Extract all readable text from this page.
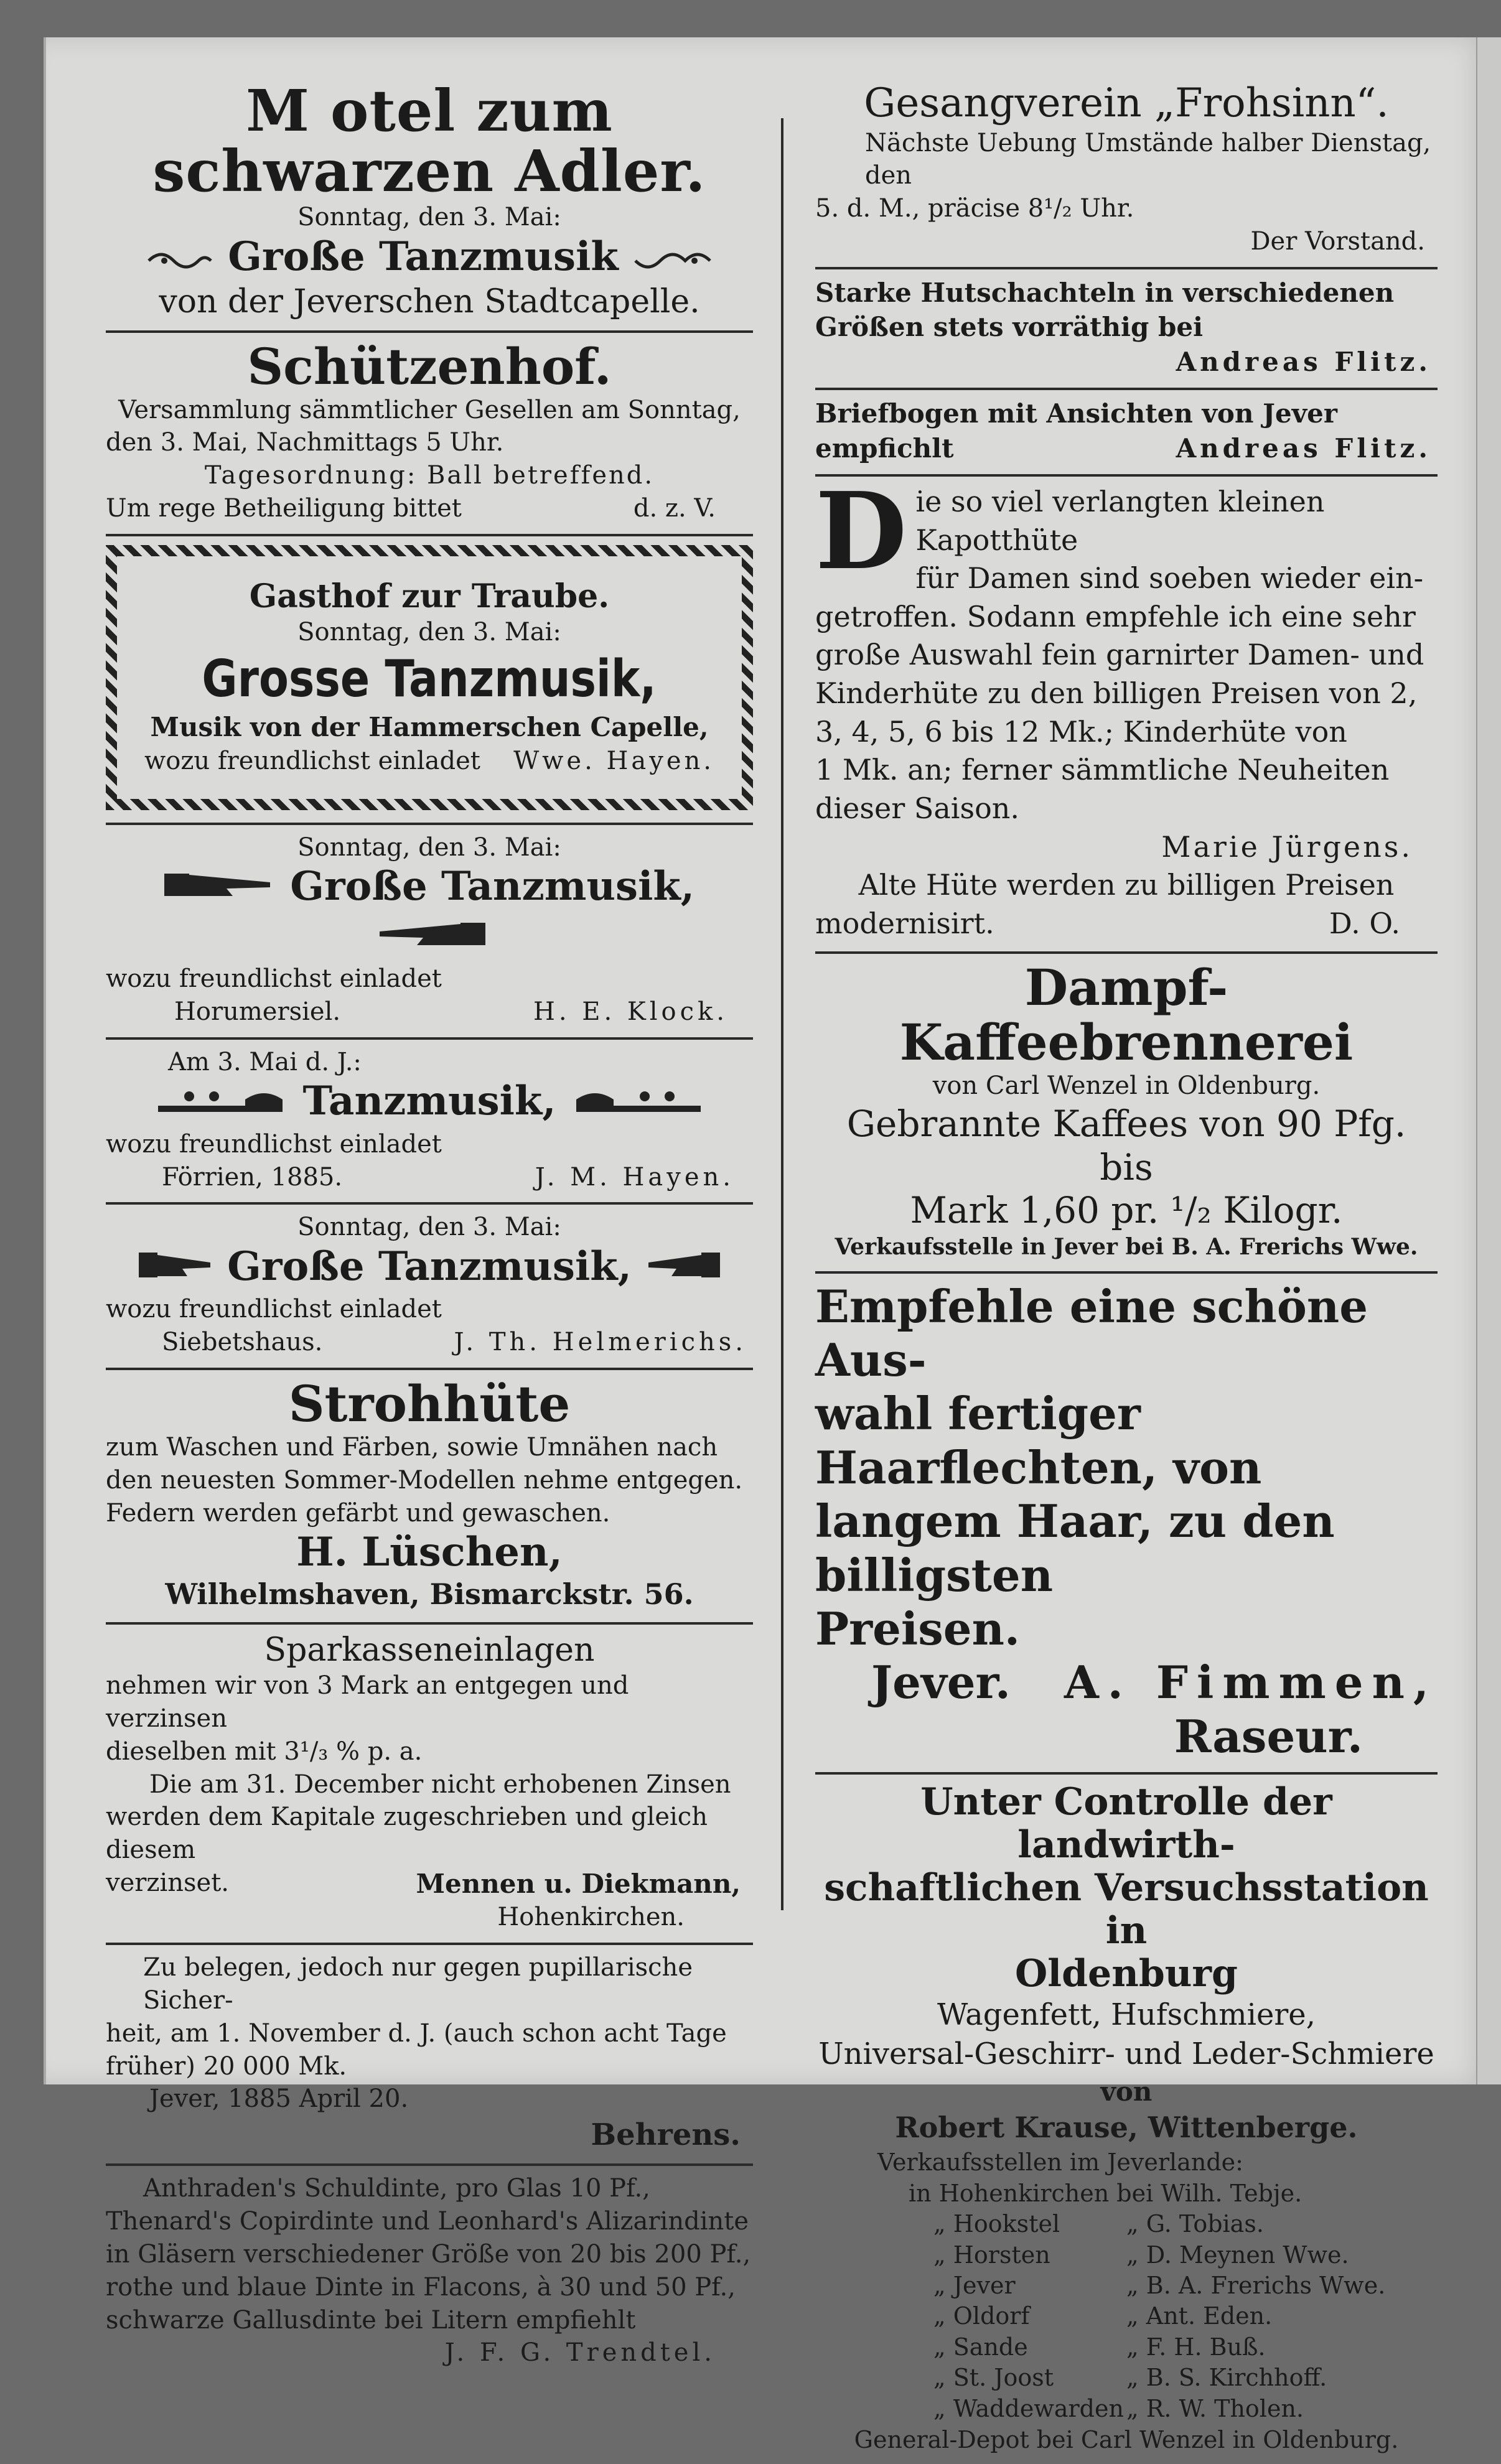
M otel zum schwarzen Adler.
Sonntag, den 3. Mai:
Große Tanzmusik
von der Jeverschen Stadtcapelle.
Schützenhof.
Versammlung sämmtlicher Gesellen am Sonntag,
den 3. Mai, Nachmittags 5 Uhr.
Tagesordnung: Ball betreffend.
Um rege Betheiligung bittet	d. z. V.
Gasthof zur Traube.
Sonntag, den 3. Mai:
Grosse Tanzmusik,
Musik von der Hammerschen Capelle,
wozu freundlichst einladet Wwe. Hayen.
Sonntag, den 3. Mai:
Große Tanzmusik,
wozu freundlichst einladet
Horumersiel.	H. E. Klock.
Am 3. Mai d. J.:
Tanzmusik,
wozu freundlichst einladet
Förrien, 1885.	J. M. Hayen.
Sonntag, den 3. Mai:
Große Tanzmusik,
wozu freundlichst einladet
Siebetshaus.	J. Th. Helmerichs.
Strohhüte
zum Waschen und Färben, sowie Umnähen nach
den neuesten Sommer-Modellen nehme entgegen.
Federn werden gefärbt und gewaschen.
H. Lüschen,
Wilhelmshaven, Bismarckstr. 56.
Sparkasseneinlagen
nehmen wir von 3 Mark an entgegen und verzinsen
dieselben mit 3¹/₃ % p. a.
Die am 31. December nicht erhobenen Zinsen
werden dem Kapitale zugeschrieben und gleich diesem
verzinset.	Mennen u. Diekmann,
Hohenkirchen.
Zu belegen, jedoch nur gegen pupillarische Sicher-
heit, am 1. November d. J. (auch schon acht Tage
früher) 20 000 Mk.
Jever, 1885 April 20.
Behrens.
Anthraden's Schuldinte, pro Glas 10 Pf.,
Thenard's Copirdinte und Leonhard's Alizarindinte
in Gläsern verschiedener Größe von 20 bis 200 Pf.,
rothe und blaue Dinte in Flacons, à 30 und 50 Pf.,
schwarze Gallusdinte bei Litern empfiehlt
J. F. G. Trendtel.
Gesangverein „Frohsinn“.
Nächste Uebung Umstände halber Dienstag, den
5. d. M., präcise 8¹/₂ Uhr.
Der Vorstand.
Starke Hutschachteln in verschiedenen
Größen stets vorräthig bei
Andreas Flitz.
Briefbogen mit Ansichten von Jever
empfichlt	Andreas Flitz.
D ie so viel verlangten kleinen Kapotthüte
für Damen sind soeben wieder ein-
getroffen. Sodann empfehle ich eine sehr
große Auswahl fein garnirter Damen- und
Kinderhüte zu den billigen Preisen von 2,
3, 4, 5, 6 bis 12 Mk.; Kinderhüte von
1 Mk. an; ferner sämmtliche Neuheiten
dieser Saison.
Marie Jürgens.
Alte Hüte werden zu billigen Preisen
modernisirt.	D. O.
Dampf-Kaffeebrennerei
von Carl Wenzel in Oldenburg.
Gebrannte Kaffees von 90 Pfg. bis
Mark 1,60 pr. ¹/₂ Kilogr.
Verkaufsstelle in Jever bei B. A. Frerichs Wwe.
Empfehle eine schöne Aus-
wahl fertiger Haarflechten, von
langem Haar, zu den billigsten
Preisen.
Jever. A. Fimmen,
Raseur.
Unter Controlle der landwirth-
schaftlichen Versuchsstation in
Oldenburg
Wagenfett, Hufschmiere,
Universal-Geschirr- und Leder-Schmiere
von
Robert Krause, Wittenberge.
Verkaufsstellen im Jeverlande:
in Hohenkirchen bei Wilh. Tebje.
„ Hookstel	„ G. Tobias.
„ Horsten	„ D. Meynen Wwe.
„ Jever	„ B. A. Frerichs Wwe.
„ Oldorf	„ Ant. Eden.
„ Sande	„ F. H. Buß.
„ St. Joost	„ B. S. Kirchhoff.
„ Waddewarden „ R. W. Tholen.
General-Depot bei Carl Wenzel in Oldenburg.
